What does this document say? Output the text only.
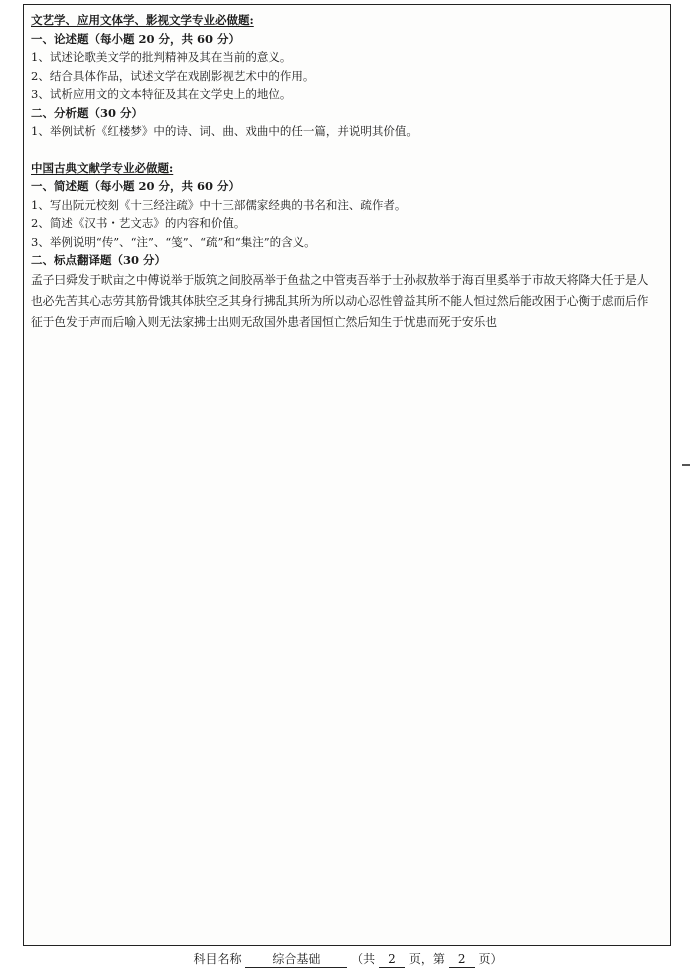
文艺学、应用文体学、影视文学专业必做题:
一、论述题（每小题 20 分，共 60 分）
1、试述论歌美文学的批判精神及其在当前的意义。
2、结合具体作品，试述文学在戏剧影视艺术中的作用。
3、试析应用文的文本特征及其在文学史上的地位。
二、分析题（30 分）
1、举例试析《红楼梦》中的诗、词、曲、戏曲中的任一篇，并说明其价值。
中国古典文献学专业必做题:
一、简述题（每小题 20 分，共 60 分）
1、写出阮元校刻《十三经注疏》中十三部儒家经典的书名和注、疏作者。
2、简述《汉书・艺文志》的内容和价值。
3、举例说明“传”、“注”、“笺”、“疏”和“集注”的含义。
二、标点翻译题（30 分）
孟子曰舜发于畎亩之中傅说举于版筑之间胶鬲举于鱼盐之中管夷吾举于士孙叔敖举于海百里奚举于市故天将降大任于是人也必先苦其心志劳其筋骨饿其体肤空乏其身行拂乱其所为所以动心忍性曾益其所不能人恒过然后能改困于心衡于虑而后作征于色发于声而后喻入则无法家拂士出则无敌国外患者国恒亡然后知生于忧患而死于安乐也
科目名称	综合基础	（共 2 页，第 2 页）
